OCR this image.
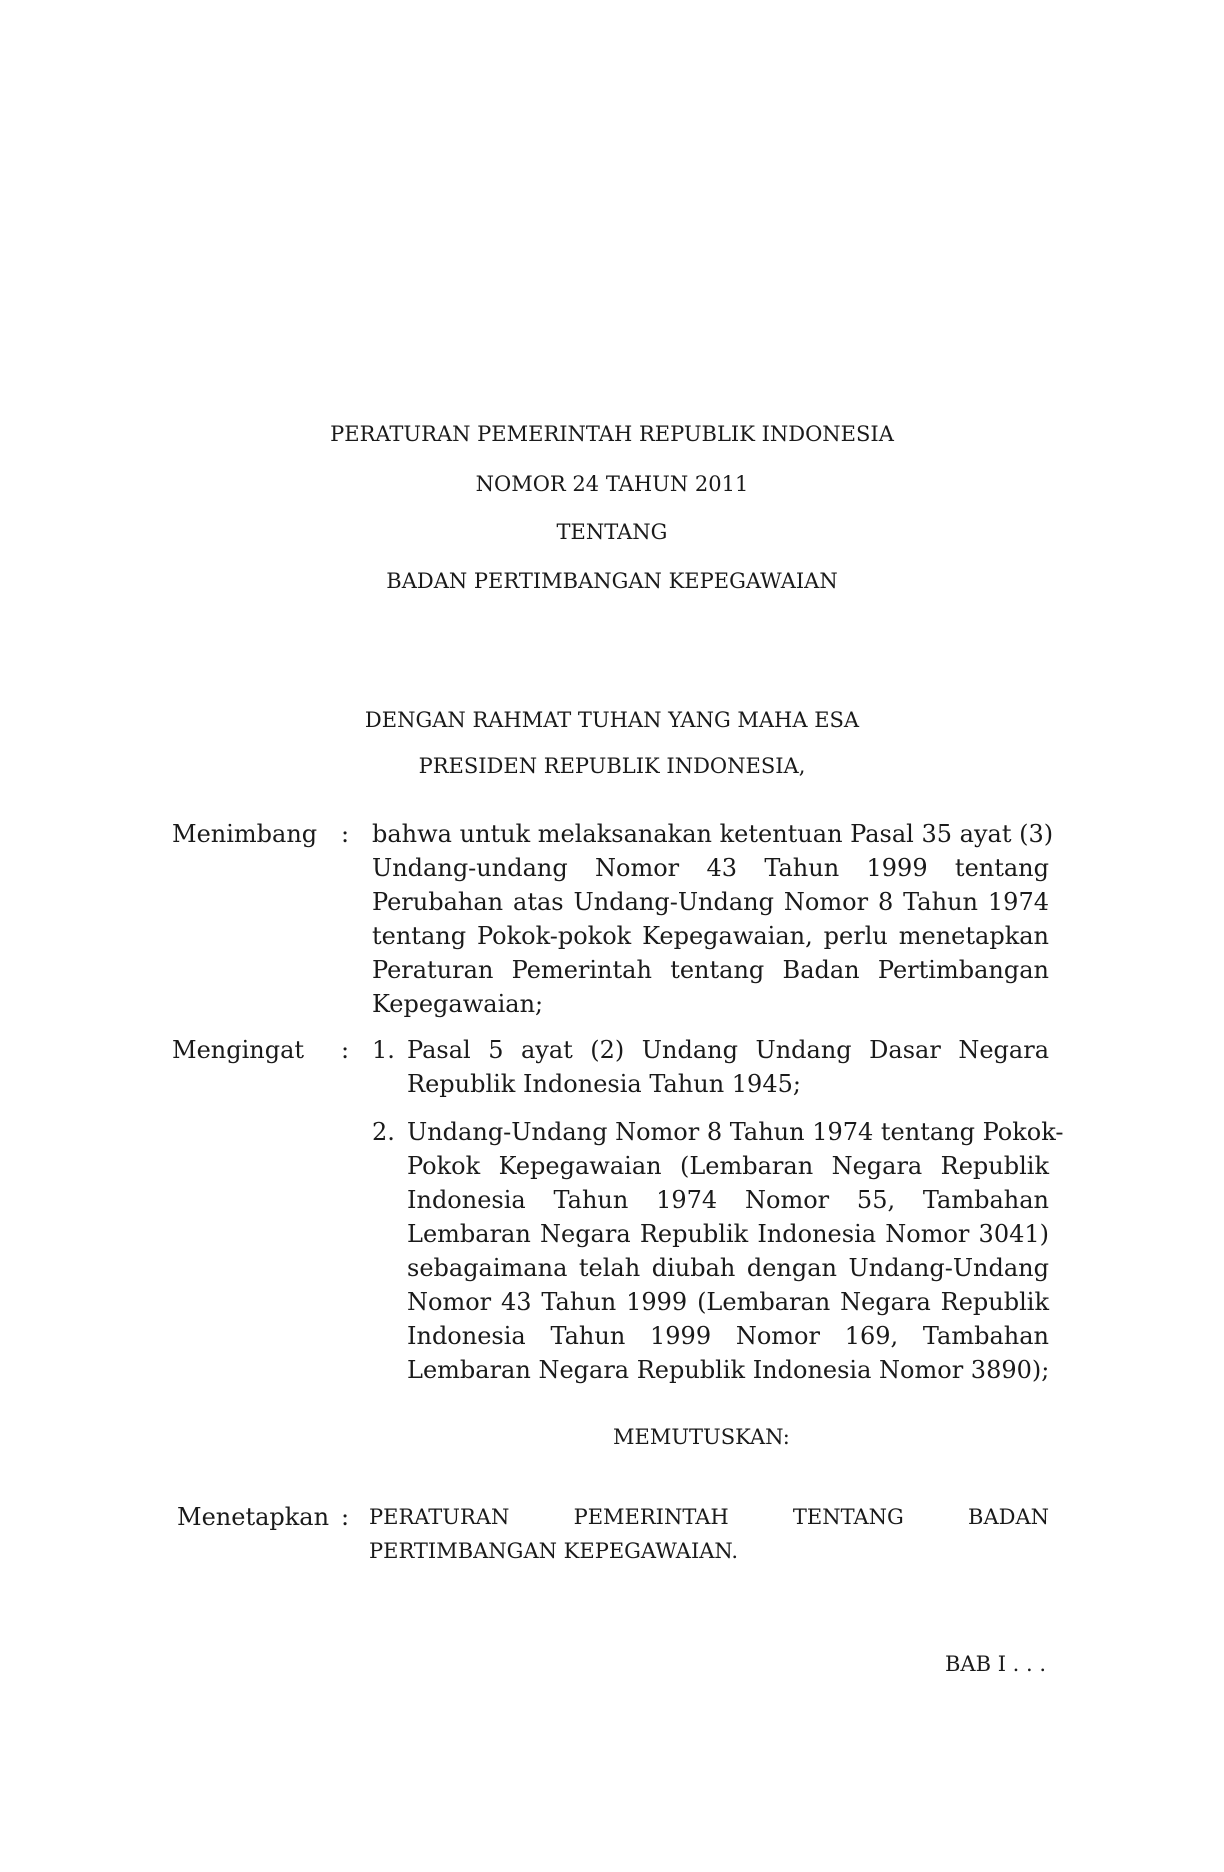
PERATURAN PEMERINTAH REPUBLIK INDONESIA
NOMOR 24 TAHUN 2011
TENTANG
BADAN PERTIMBANGAN KEPEGAWAIAN
DENGAN RAHMAT TUHAN YANG MAHA ESA
PRESIDEN REPUBLIK INDONESIA,
Menimbang : bahwa untuk melaksanakan ketentuan Pasal 35 ayat (3)
Undang-undang Nomor 43 Tahun 1999 tentang
Perubahan atas Undang-Undang Nomor 8 Tahun 1974
tentang Pokok-pokok Kepegawaian, perlu menetapkan
Peraturan Pemerintah tentang Badan Pertimbangan
Kepegawaian;
Mengingat : 1. Pasal 5 ayat (2) Undang Undang Dasar Negara
Republik Indonesia Tahun 1945;
2. Undang-Undang Nomor 8 Tahun 1974 tentang Pokok-
Pokok Kepegawaian (Lembaran Negara Republik
Indonesia Tahun 1974 Nomor 55, Tambahan
Lembaran Negara Republik Indonesia Nomor 3041)
sebagaimana telah diubah dengan Undang-Undang
Nomor 43 Tahun 1999 (Lembaran Negara Republik
Indonesia Tahun 1999 Nomor 169, Tambahan
Lembaran Negara Republik Indonesia Nomor 3890);
MEMUTUSKAN:
Menetapkan : PERATURAN PEMERINTAH TENTANG BADAN
PERTIMBANGAN KEPEGAWAIAN.
BAB I . . .
